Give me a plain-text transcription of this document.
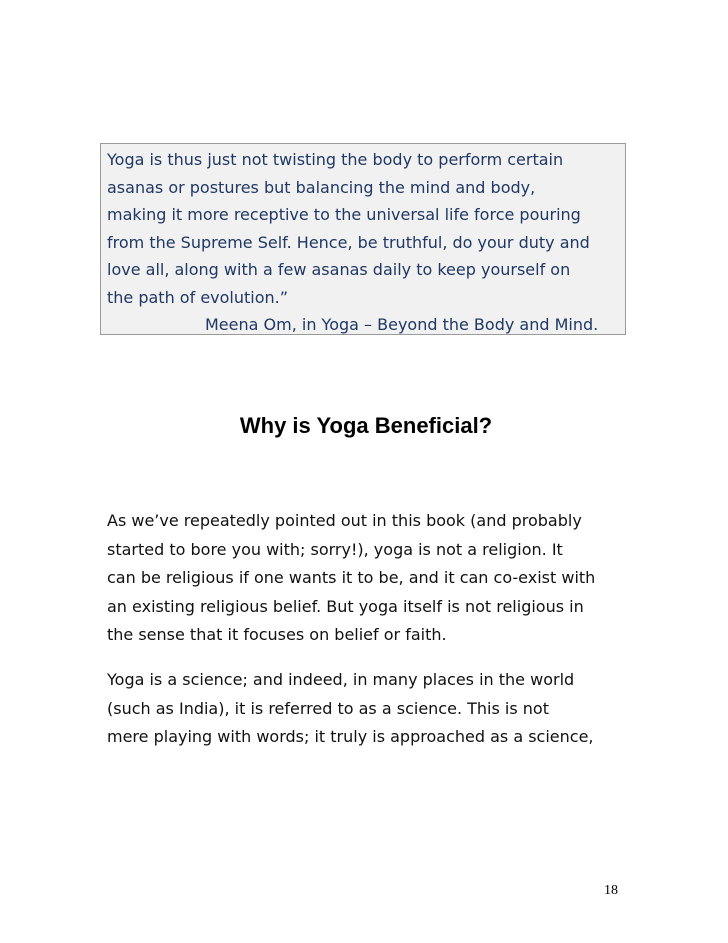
Yoga is thus just not twisting the body to perform certain
asanas or postures but balancing the mind and body,
making it more receptive to the universal life force pouring
from the Supreme Self. Hence, be truthful, do your duty and
love all, along with a few asanas daily to keep yourself on
the path of evolution.”
Meena Om, in Yoga – Beyond the Body and Mind.
Why is Yoga Beneficial?
As we’ve repeatedly pointed out in this book (and probably
started to bore you with; sorry!), yoga is not a religion. It
can be religious if one wants it to be, and it can co-exist with
an existing religious belief. But yoga itself is not religious in
the sense that it focuses on belief or faith.
Yoga is a science; and indeed, in many places in the world
(such as India), it is referred to as a science. This is not
mere playing with words; it truly is approached as a science,
18
